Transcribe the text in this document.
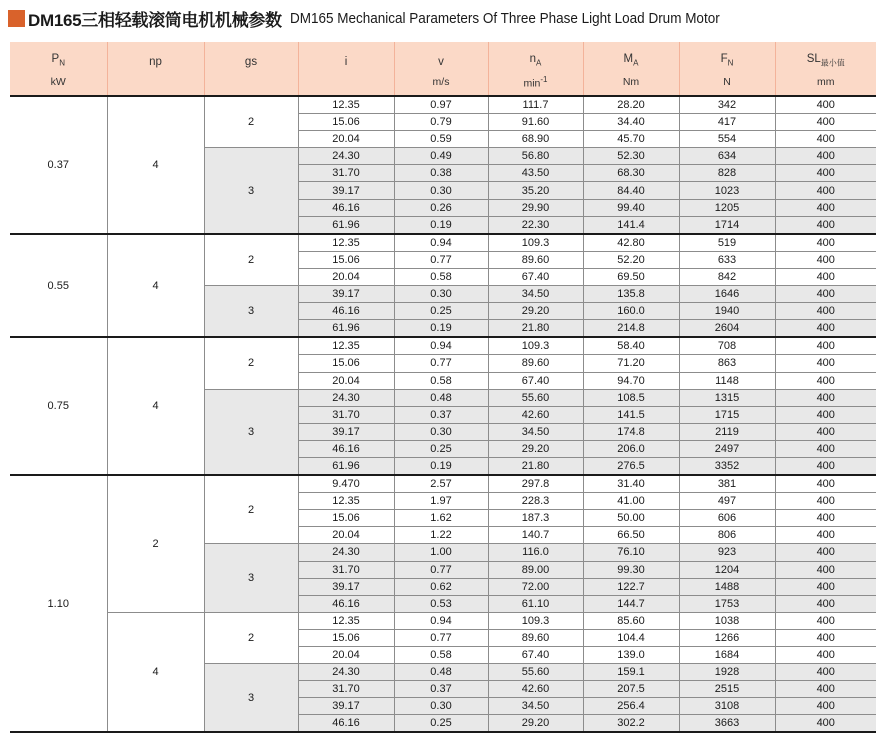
DM165三相轻载滚筒电机机械参数 DM165 Mechanical Parameters Of Three Phase Light Load Drum Motor
$P_N$	np	gs	i	v	$n_A$	$M_A$	$F_N$	$SL_{最小值}$
kW				m/s	$\min^{-1}$	Nm	N	mm
0.37	4	2	12.35	0.97	111.7	28.20	342	400
			15.06	0.79	91.60	34.40	417	400
			20.04	0.59	68.90	45.70	554	400
		3	24.30	0.49	56.80	52.30	634	400
			31.70	0.38	43.50	68.30	828	400
			39.17	0.30	35.20	84.40	1023	400
			46.16	0.26	29.90	99.40	1205	400
			61.96	0.19	22.30	141.4	1714	400
0.55	4	2	12.35	0.94	109.3	42.80	519	400
			15.06	0.77	89.60	52.20	633	400
			20.04	0.58	67.40	69.50	842	400
		3	39.17	0.30	34.50	135.8	1646	400
			46.16	0.25	29.20	160.0	1940	400
			61.96	0.19	21.80	214.8	2604	400
0.75	4	2	12.35	0.94	109.3	58.40	708	400
			15.06	0.77	89.60	71.20	863	400
			20.04	0.58	67.40	94.70	1148	400
		3	24.30	0.48	55.60	108.5	1315	400
			31.70	0.37	42.60	141.5	1715	400
			39.17	0.30	34.50	174.8	2119	400
			46.16	0.25	29.20	206.0	2497	400
			61.96	0.19	21.80	276.5	3352	400
1.10	2	2	9.470	2.57	297.8	31.40	381	400
			12.35	1.97	228.3	41.00	497	400
			15.06	1.62	187.3	50.00	606	400
			20.04	1.22	140.7	66.50	806	400
		3	24.30	1.00	116.0	76.10	923	400
			31.70	0.77	89.00	99.30	1204	400
			39.17	0.62	72.00	122.7	1488	400
			46.16	0.53	61.10	144.7	1753	400
	4	2	12.35	0.94	109.3	85.60	1038	400
			15.06	0.77	89.60	104.4	1266	400
			20.04	0.58	67.40	139.0	1684	400
		3	24.30	0.48	55.60	159.1	1928	400
			31.70	0.37	42.60	207.5	2515	400
			39.17	0.30	34.50	256.4	3108	400
			46.16	0.25	29.20	302.2	3663	400
